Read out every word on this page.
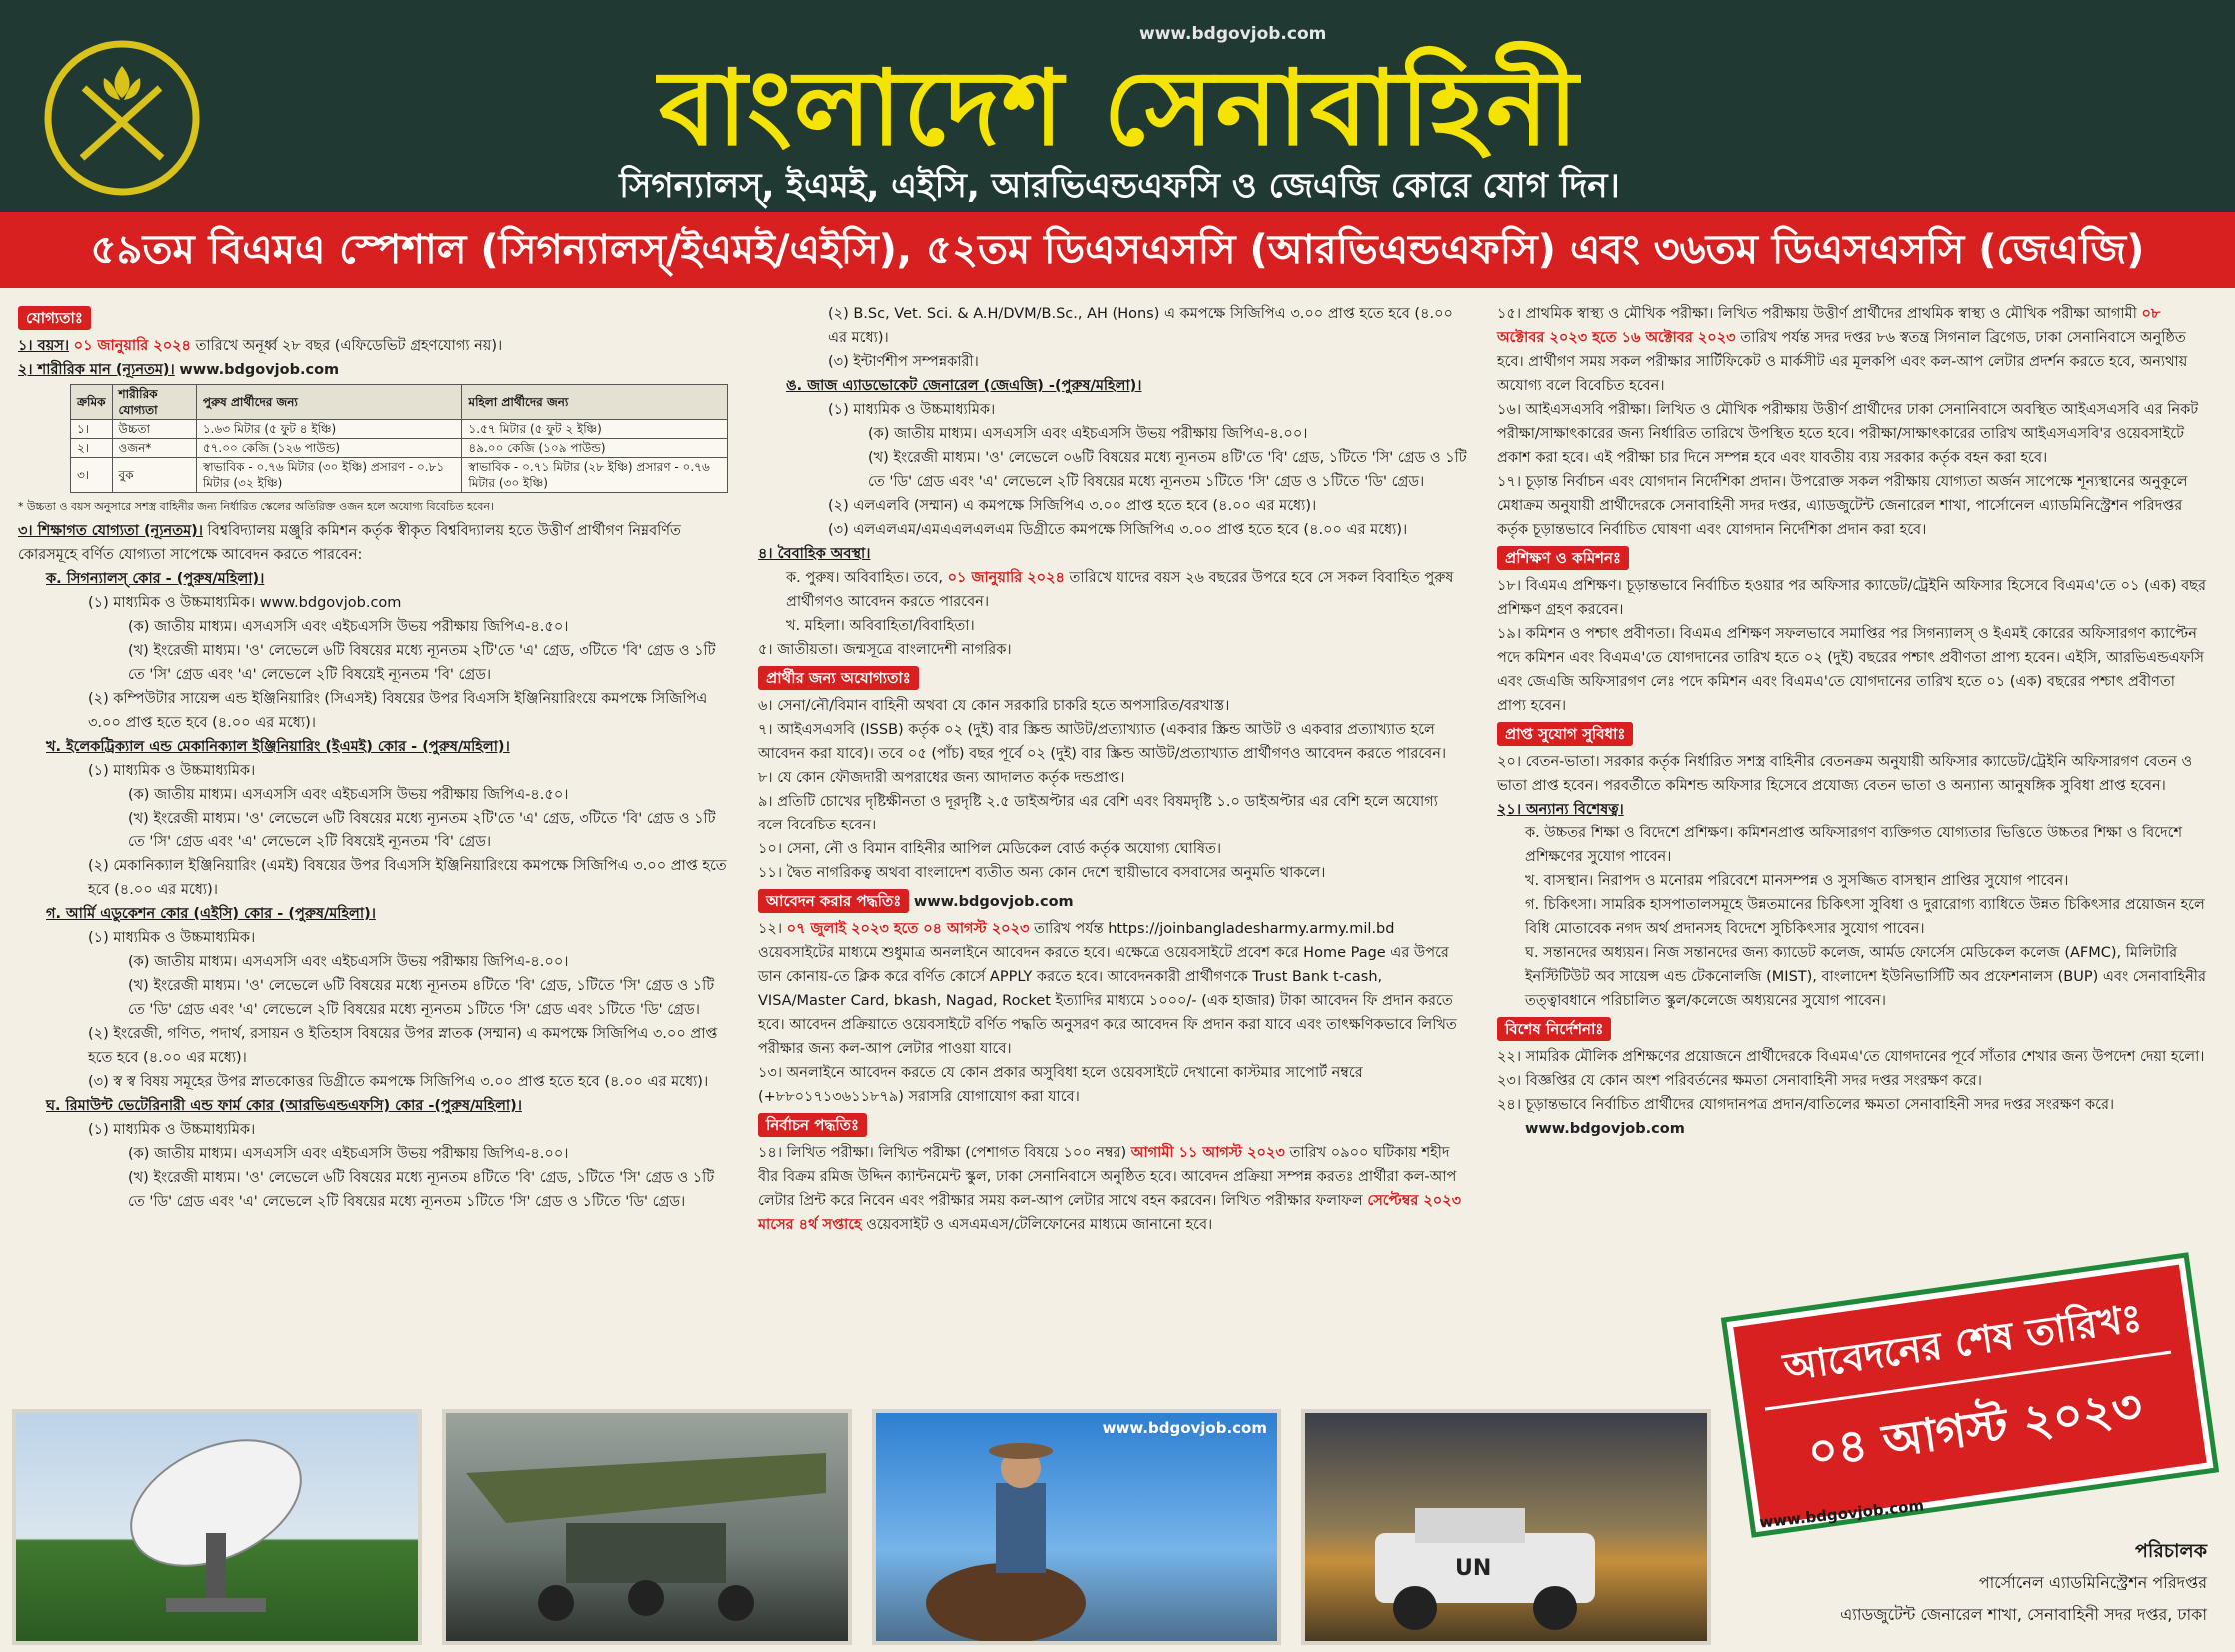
www.bdgovjob.com
বাংলাদেশ সেনাবাহিনী
সিগন্যালস্, ইএমই, এইসি, আরভিএন্ডএফসি ও জেএজি কোরে যোগ দিন।
৫৯তম বিএমএ স্পেশাল (সিগন্যালস্/ইএমই/এইসি), ৫২তম ডিএসএসসি (আরভিএন্ডএফসি) এবং ৩৬তম ডিএসএসসি (জেএজি)
যোগ্যতাঃ

১। বয়স। ০১ জানুয়ারি ২০২৪ তারিখে অনূর্ধ্ব ২৮ বছর (এফিডেভিট গ্রহণযোগ্য নয়)।

২। শারীরিক মান (ন্যূনতম)। www.bdgovjob.com

ক্রমিক	শারীরিক যোগ্যতা	পুরুষ প্রার্থীদের জন্য	মহিলা প্রার্থীদের জন্য
১।	উচ্চতা	১.৬৩ মিটার (৫ ফুট ৪ ইঞ্চি)	১.৫৭ মিটার (৫ ফুট ২ ইঞ্চি)
২।	ওজন*	৫৭.০০ কেজি (১২৬ পাউন্ড)	৪৯.০০ কেজি (১০৯ পাউন্ড)
৩।	বুক	স্বাভাবিক - ০.৭৬ মিটার (৩০ ইঞ্চি) প্রসারণ - ০.৮১ মিটার (৩২ ইঞ্চি)	স্বাভাবিক - ০.৭১ মিটার (২৮ ইঞ্চি) প্রসারণ - ০.৭৬ মিটার (৩০ ইঞ্চি)

* উচ্চতা ও বয়স অনুসারে সশস্ত্র বাহিনীর জন্য নির্ধারিত স্কেলের অতিরিক্ত ওজন হলে অযোগ্য বিবেচিত হবেন।

৩। শিক্ষাগত যোগ্যতা (ন্যূনতম)। বিশ্ববিদ্যালয় মঞ্জুরি কমিশন কর্তৃক স্বীকৃত বিশ্ববিদ্যালয় হতে উত্তীর্ণ প্রার্থীগণ নিম্নবর্ণিত কোরসমূহে বর্ণিত যোগ্যতা সাপেক্ষে আবেদন করতে পারবেন:

ক. সিগন্যালস্ কোর - (পুরুষ/মহিলা)।

(১) মাধ্যমিক ও উচ্চমাধ্যমিক। www.bdgovjob.com

(ক) জাতীয় মাধ্যম। এসএসসি এবং এইচএসসি উভয় পরীক্ষায় জিপিএ-৪.৫০।

(খ) ইংরেজী মাধ্যম। 'ও' লেভেলে ৬টি বিষয়ের মধ্যে ন্যূনতম ২টি'তে 'এ' গ্রেড, ৩টিতে 'বি' গ্রেড ও ১টি তে 'সি' গ্রেড এবং 'এ' লেভেলে ২টি বিষয়েই ন্যূনতম 'বি' গ্রেড।

(২) কম্পিউটার সায়েন্স এন্ড ইঞ্জিনিয়ারিং (সিএসই) বিষয়ের উপর বিএসসি ইঞ্জিনিয়ারিংয়ে কমপক্ষে সিজিপিএ ৩.০০ প্রাপ্ত হতে হবে (৪.০০ এর মধ্যে)।

খ. ইলেকট্রিক্যাল এন্ড মেকানিক্যাল ইঞ্জিনিয়ারিং (ইএমই) কোর - (পুরুষ/মহিলা)।

(১) মাধ্যমিক ও উচ্চমাধ্যমিক।

(ক) জাতীয় মাধ্যম। এসএসসি এবং এইচএসসি উভয় পরীক্ষায় জিপিএ-৪.৫০।

(খ) ইংরেজী মাধ্যম। 'ও' লেভেলে ৬টি বিষয়ের মধ্যে ন্যূনতম ২টি'তে 'এ' গ্রেড, ৩টিতে 'বি' গ্রেড ও ১টি তে 'সি' গ্রেড এবং 'এ' লেভেলে ২টি বিষয়েই ন্যূনতম 'বি' গ্রেড।

(২) মেকানিক্যাল ইঞ্জিনিয়ারিং (এমই) বিষয়ের উপর বিএসসি ইঞ্জিনিয়ারিংয়ে কমপক্ষে সিজিপিএ ৩.০০ প্রাপ্ত হতে হবে (৪.০০ এর মধ্যে)।

গ. আর্মি এডুকেশন কোর (এইসি) কোর - (পুরুষ/মহিলা)।

(১) মাধ্যমিক ও উচ্চমাধ্যমিক।

(ক) জাতীয় মাধ্যম। এসএসসি এবং এইচএসসি উভয় পরীক্ষায় জিপিএ-৪.০০।

(খ) ইংরেজী মাধ্যম। 'ও' লেভেলে ৬টি বিষয়ের মধ্যে ন্যূনতম ৪টিতে 'বি' গ্রেড, ১টিতে 'সি' গ্রেড ও ১টি তে 'ডি' গ্রেড এবং 'এ' লেভেলে ২টি বিষয়ের মধ্যে ন্যূনতম ১টিতে 'সি' গ্রেড এবং ১টিতে 'ডি' গ্রেড।

(২) ইংরেজী, গণিত, পদার্থ, রসায়ন ও ইতিহাস বিষয়ের উপর স্নাতক (সম্মান) এ কমপক্ষে সিজিপিএ ৩.০০ প্রাপ্ত হতে হবে (৪.০০ এর মধ্যে)।

(৩) স্ব স্ব বিষয় সমূহের উপর স্নাতকোত্তর ডিগ্রীতে কমপক্ষে সিজিপিএ ৩.০০ প্রাপ্ত হতে হবে (৪.০০ এর মধ্যে)।

ঘ. রিমাউন্ট ভেটেরিনারী এন্ড ফার্ম কোর (আরভিএন্ডএফসি) কোর -(পুরুষ/মহিলা)।

(১) মাধ্যমিক ও উচ্চমাধ্যমিক।

(ক) জাতীয় মাধ্যম। এসএসসি এবং এইচএসসি উভয় পরীক্ষায় জিপিএ-৪.০০।

(খ) ইংরেজী মাধ্যম। 'ও' লেভেলে ৬টি বিষয়ের মধ্যে ন্যূনতম ৪টিতে 'বি' গ্রেড, ১টিতে 'সি' গ্রেড ও ১টি তে 'ডি' গ্রেড এবং 'এ' লেভেলে ২টি বিষয়ের মধ্যে ন্যূনতম ১টিতে 'সি' গ্রেড ও ১টিতে 'ডি' গ্রেড।

(২) B.Sc, Vet. Sci. & A.H/DVM/B.Sc., AH (Hons) এ কমপক্ষে সিজিপিএ ৩.০০ প্রাপ্ত হতে হবে (৪.০০ এর মধ্যে)।

(৩) ইন্টার্ণশীপ সম্পন্নকারী।

ঙ. জাজ এ্যাডভোকেট জেনারেল (জেএজি) -(পুরুষ/মহিলা)।

(১) মাধ্যমিক ও উচ্চমাধ্যমিক।

(ক) জাতীয় মাধ্যম। এসএসসি এবং এইচএসসি উভয় পরীক্ষায় জিপিএ-৪.০০।

(খ) ইংরেজী মাধ্যম। 'ও' লেভেলে ০৬টি বিষয়ের মধ্যে ন্যূনতম ৪টি'তে 'বি' গ্রেড, ১টিতে 'সি' গ্রেড ও ১টি তে 'ডি' গ্রেড এবং 'এ' লেভেলে ২টি বিষয়ের মধ্যে ন্যূনতম ১টিতে 'সি' গ্রেড ও ১টিতে 'ডি' গ্রেড।

(২) এলএলবি (সম্মান) এ কমপক্ষে সিজিপিএ ৩.০০ প্রাপ্ত হতে হবে (৪.০০ এর মধ্যে)।

(৩) এলএলএম/এমএএলএলএম ডিগ্রীতে কমপক্ষে সিজিপিএ ৩.০০ প্রাপ্ত হতে হবে (৪.০০ এর মধ্যে)।

৪। বৈবাহিক অবস্থা।

ক. পুরুষ। অবিবাহিত। তবে, ০১ জানুয়ারি ২০২৪ তারিখে যাদের বয়স ২৬ বছরের উপরে হবে সে সকল বিবাহিত পুরুষ প্রার্থীগণও আবেদন করতে পারবেন।

খ. মহিলা। অবিবাহিতা/বিবাহিতা।

৫। জাতীয়তা। জন্মসূত্রে বাংলাদেশী নাগরিক।

প্রার্থীর জন্য অযোগ্যতাঃ

৬। সেনা/নৌ/বিমান বাহিনী অথবা যে কোন সরকারি চাকরি হতে অপসারিত/বরখাস্ত।

৭। আইএসএসবি (ISSB) কর্তৃক ০২ (দুই) বার স্ক্রিন্ড আউট/প্রত্যাখ্যাত (একবার স্ক্রিন্ড আউট ও একবার প্রত্যাখ্যাত হলে আবেদন করা যাবে)। তবে ০৫ (পাঁচ) বছর পূর্বে ০২ (দুই) বার স্ক্রিন্ড আউট/প্রত্যাখ্যাত প্রার্থীগণও আবেদন করতে পারবেন।

৮। যে কোন ফৌজদারী অপরাধের জন্য আদালত কর্তৃক দন্ডপ্রাপ্ত।

৯। প্রতিটি চোখের দৃষ্টিক্ষীনতা ও দূরদৃষ্টি ২.৫ ডাইঅপ্টার এর বেশি এবং বিষমদৃষ্টি ১.০ ডাইঅপ্টার এর বেশি হলে অযোগ্য বলে বিবেচিত হবেন।

১০। সেনা, নৌ ও বিমান বাহিনীর আপিল মেডিকেল বোর্ড কর্তৃক অযোগ্য ঘোষিত।

১১। দ্বৈত নাগরিকত্ব অথবা বাংলাদেশ ব্যতীত অন্য কোন দেশে স্থায়ীভাবে বসবাসের অনুমতি থাকলে।

আবেদন করার পদ্ধতিঃ www.bdgovjob.com

১২। ০৭ জুলাই ২০২৩ হতে ০৪ আগস্ট ২০২৩ তারিখ পর্যন্ত https://joinbangladesharmy.army.mil.bd ওয়েবসাইটের মাধ্যমে শুধুমাত্র অনলাইনে আবেদন করতে হবে। এক্ষেত্রে ওয়েবসাইটে প্রবেশ করে Home Page এর উপরে ডান কোনায়-তে ক্লিক করে বর্ণিত কোর্সে APPLY করতে হবে। আবেদনকারী প্রার্থীগণকে Trust Bank t-cash, VISA/Master Card, bkash, Nagad, Rocket ইত্যাদির মাধ্যমে ১০০০/- (এক হাজার) টাকা আবেদন ফি প্রদান করতে হবে। আবেদন প্রক্রিয়াতে ওয়েবসাইটে বর্ণিত পদ্ধতি অনুসরণ করে আবেদন ফি প্রদান করা যাবে এবং তাৎক্ষণিকভাবে লিখিত পরীক্ষার জন্য কল-আপ লেটার পাওয়া যাবে।

১৩। অনলাইনে আবেদন করতে যে কোন প্রকার অসুবিধা হলে ওয়েবসাইটে দেখানো কাস্টমার সাপোর্ট নম্বরে (+৮৮০১৭১৩৬১১৮৭৯) সরাসরি যোগাযোগ করা যাবে।

নির্বাচন পদ্ধতিঃ

১৪। লিখিত পরীক্ষা। লিখিত পরীক্ষা (পেশাগত বিষয়ে ১০০ নম্বর) আগামী ১১ আগস্ট ২০২৩ তারিখ ০৯০০ ঘটিকায় শহীদ বীর বিক্রম রমিজ উদ্দিন ক্যান্টনমেন্ট স্কুল, ঢাকা সেনানিবাসে অনুষ্ঠিত হবে। আবেদন প্রক্রিয়া সম্পন্ন করতঃ প্রার্থীরা কল-আপ লেটার প্রিন্ট করে নিবেন এবং পরীক্ষার সময় কল-আপ লেটার সাথে বহন করবেন। লিখিত পরীক্ষার ফলাফল সেপ্টেম্বর ২০২৩ মাসের ৪র্থ সপ্তাহে ওয়েবসাইট ও এসএমএস/টেলিফোনের মাধ্যমে জানানো হবে।

১৫। প্রাথমিক স্বাস্থ্য ও মৌখিক পরীক্ষা। লিখিত পরীক্ষায় উত্তীর্ণ প্রার্থীদের প্রাথমিক স্বাস্থ্য ও মৌখিক পরীক্ষা আগামী ০৮ অক্টোবর ২০২৩ হতে ১৬ অক্টোবর ২০২৩ তারিখ পর্যন্ত সদর দপ্তর ৮৬ স্বতন্ত্র সিগনাল ব্রিগেড, ঢাকা সেনানিবাসে অনুষ্ঠিত হবে। প্রার্থীগণ সময় সকল পরীক্ষার সার্টিফিকেট ও মার্কসীট এর মূলকপি এবং কল-আপ লেটার প্রদর্শন করতে হবে, অন্যথায় অযোগ্য বলে বিবেচিত হবেন।

১৬। আইএসএসবি পরীক্ষা। লিখিত ও মৌখিক পরীক্ষায় উত্তীর্ণ প্রার্থীদের ঢাকা সেনানিবাসে অবস্থিত আইএসএসবি এর নিকট পরীক্ষা/সাক্ষাৎকারের জন্য নির্ধারিত তারিখে উপস্থিত হতে হবে। পরীক্ষা/সাক্ষাৎকারের তারিখ আইএসএসবি'র ওয়েবসাইটে প্রকাশ করা হবে। এই পরীক্ষা চার দিনে সম্পন্ন হবে এবং যাবতীয় ব্যয় সরকার কর্তৃক বহন করা হবে।

১৭। চূড়ান্ত নির্বাচন এবং যোগদান নির্দেশিকা প্রদান। উপরোক্ত সকল পরীক্ষায় যোগ্যতা অর্জন সাপেক্ষে শূন্যস্থানের অনুকূলে মেধাক্রম অনুযায়ী প্রার্থীদেরকে সেনাবাহিনী সদর দপ্তর, এ্যাডজুটেন্ট জেনারেল শাখা, পার্সোনেল এ্যাডমিনিস্ট্রেশন পরিদপ্তর কর্তৃক চূড়ান্তভাবে নির্বাচিত ঘোষণা এবং যোগদান নির্দেশিকা প্রদান করা হবে।

প্রশিক্ষণ ও কমিশনঃ

১৮। বিএমএ প্রশিক্ষণ। চূড়ান্তভাবে নির্বাচিত হওয়ার পর অফিসার ক্যাডেট/ট্রেইনি অফিসার হিসেবে বিএমএ'তে ০১ (এক) বছর প্রশিক্ষণ গ্রহণ করবেন।

১৯। কমিশন ও পশ্চাৎ প্রবীণতা। বিএমএ প্রশিক্ষণ সফলভাবে সমাপ্তির পর সিগন্যালস্ ও ইএমই কোরের অফিসারগণ ক্যাপ্টেন পদে কমিশন এবং বিএমএ'তে যোগদানের তারিখ হতে ০২ (দুই) বছরের পশ্চাৎ প্রবীণতা প্রাপ্য হবেন। এইসি, আরভিএন্ডএফসি এবং জেএজি অফিসারগণ লেঃ পদে কমিশন এবং বিএমএ'তে যোগদানের তারিখ হতে ০১ (এক) বছরের পশ্চাৎ প্রবীণতা প্রাপ্য হবেন।

প্রাপ্ত সুযোগ সুবিধাঃ

২০। বেতন-ভাতা। সরকার কর্তৃক নির্ধারিত সশস্ত্র বাহিনীর বেতনক্রম অনুযায়ী অফিসার ক্যাডেট/ট্রেইনি অফিসারগণ বেতন ও ভাতা প্রাপ্ত হবেন। পরবর্তীতে কমিশন্ড অফিসার হিসেবে প্রযোজ্য বেতন ভাতা ও অন্যান্য আনুষঙ্গিক সুবিধা প্রাপ্ত হবেন।

২১। অন্যান্য বিশেষত্ব।

ক. উচ্চতর শিক্ষা ও বিদেশে প্রশিক্ষণ। কমিশনপ্রাপ্ত অফিসারগণ ব্যক্তিগত যোগ্যতার ভিত্তিতে উচ্চতর শিক্ষা ও বিদেশে প্রশিক্ষণের সুযোগ পাবেন।

খ. বাসস্থান। নিরাপদ ও মনোরম পরিবেশে মানসম্পন্ন ও সুসজ্জিত বাসস্থান প্রাপ্তির সুযোগ পাবেন।

গ. চিকিৎসা। সামরিক হাসপাতালসমূহে উন্নতমানের চিকিৎসা সুবিধা ও দুরারোগ্য ব্যাধিতে উন্নত চিকিৎসার প্রয়োজন হলে বিধি মোতাবেক নগদ অর্থ প্রদানসহ বিদেশে সুচিকিৎসার সুযোগ পাবেন।

ঘ. সন্তানদের অধ্যয়ন। নিজ সন্তানদের জন্য ক্যাডেট কলেজ, আর্মড ফোর্সেস মেডিকেল কলেজ (AFMC), মিলিটারি ইনস্টিটিউট অব সায়েন্স এন্ড টেকনোলজি (MIST), বাংলাদেশ ইউনিভার্সিটি অব প্রফেশনালস (BUP) এবং সেনাবাহিনীর তত্ত্বাবধানে পরিচালিত স্কুল/কলেজে অধ্যয়নের সুযোগ পাবেন।

বিশেষ নির্দেশনাঃ

২২। সামরিক মৌলিক প্রশিক্ষণের প্রয়োজনে প্রার্থীদেরকে বিএমএ'তে যোগদানের পূর্বে সাঁতার শেখার জন্য উপদেশ দেয়া হলো।

২৩। বিজ্ঞপ্তির যে কোন অংশ পরিবর্তনের ক্ষমতা সেনাবাহিনী সদর দপ্তর সংরক্ষণ করে।

২৪। চূড়ান্তভাবে নির্বাচিত প্রার্থীদের যোগদানপত্র প্রদান/বাতিলের ক্ষমতা সেনাবাহিনী সদর দপ্তর সংরক্ষণ করে।

www.bdgovjob.com

www.bdgovjob.com
UN
আবেদনের শেষ তারিখঃ
০৪ আগস্ট ২০২৩
www.bdgovjob.com
পরিচালক
পার্সোনেল এ্যাডমিনিস্ট্রেশন পরিদপ্তর
এ্যাডজুটেন্ট জেনারেল শাখা, সেনাবাহিনী সদর দপ্তর, ঢাকা
